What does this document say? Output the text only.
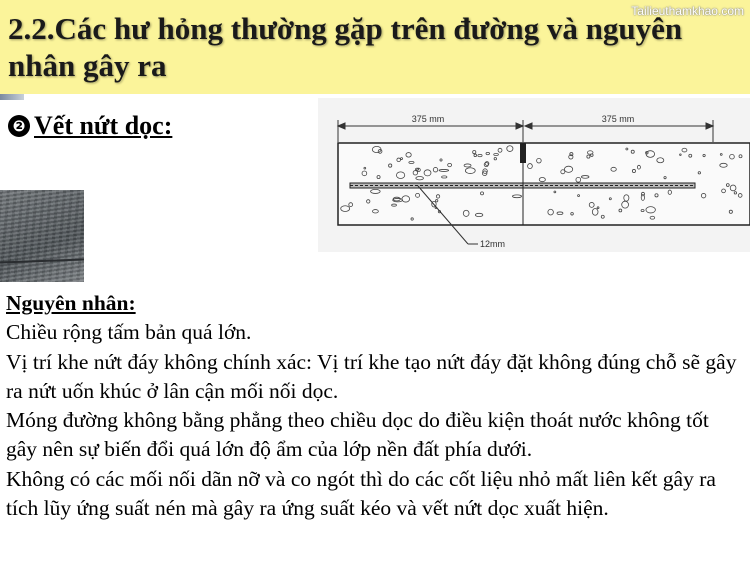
2.2.Các hư hỏng thường gặp trên đường và nguyên nhân gây ra
Tailieuthamkhao.com
❷ Vết nứt dọc:	375 mm	375 mm
12mm

Nguyên nhân:

Chiều rộng tấm bản quá lớn.

Vị trí khe nứt đáy không chính xác: Vị trí khe tạo nứt đáy đặt không đúng chỗ sẽ gây ra nứt uốn khúc ở lân cận mối nối dọc.

Móng đường không bằng phẳng theo chiều dọc do điều kiện thoát nước không tốt gây nên sự biến đổi quá lớn độ ẩm của lớp nền đất phía dưới.

Không có các mối nối dãn nỡ và co ngót thì do các cốt liệu nhỏ mất liên kết gây ra tích lũy ứng suất nén mà gây ra ứng suất kéo và vết nứt dọc xuất hiện.
